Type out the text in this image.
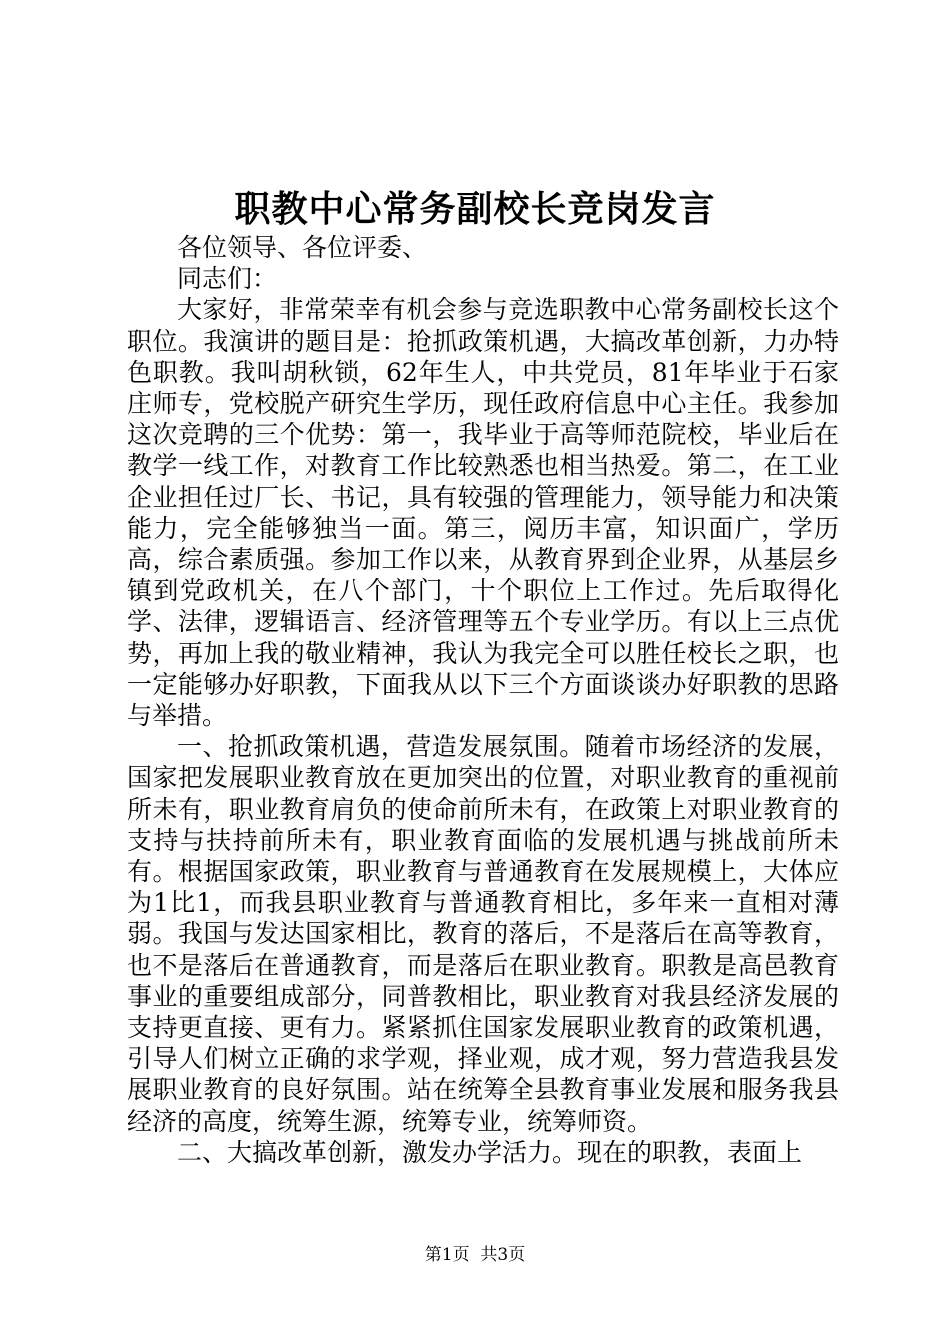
职教中心常务副校长竞岗发言

各位领导、各位评委、

同志们：

大家好，非常荣幸有机会参与竞选职教中心常务副校长这个职位。我演讲的题目是：抢抓政策机遇，大搞改革创新，力办特色职教。我叫胡秋锁，62年生人，中共党员，81年毕业于石家庄师专，党校脱产研究生学历，现任政府信息中心主任。我参加这次竞聘的三个优势：第一，我毕业于高等师范院校，毕业后在教学一线工作，对教育工作比较熟悉也相当热爱。第二，在工业企业担任过厂长、书记，具有较强的管理能力，领导能力和决策能力，完全能够独当一面。第三，阅历丰富，知识面广，学历高，综合素质强。参加工作以来，从教育界到企业界，从基层乡镇到党政机关，在八个部门，十个职位上工作过。先后取得化学、法律，逻辑语言、经济管理等五个专业学历。有以上三点优势，再加上我的敬业精神，我认为我完全可以胜任校长之职，也一定能够办好职教，下面我从以下三个方面谈谈办好职教的思路与举措。

一、抢抓政策机遇，营造发展氛围。随着市场经济的发展，国家把发展职业教育放在更加突出的位置，对职业教育的重视前所未有，职业教育肩负的使命前所未有，在政策上对职业教育的支持与扶持前所未有，职业教育面临的发展机遇与挑战前所未有。根据国家政策，职业教育与普通教育在发展规模上，大体应为1比1，而我县职业教育与普通教育相比，多年来一直相对薄弱。我国与发达国家相比，教育的落后，不是落后在高等教育，也不是落后在普通教育，而是落后在职业教育。职教是高邑教育事业的重要组成部分，同普教相比，职业教育对我县经济发展的支持更直接、更有力。紧紧抓住国家发展职业教育的政策机遇，引导人们树立正确的求学观，择业观，成才观，努力营造我县发展职业教育的良好氛围。站在统筹全县教育事业发展和服务我县经济的高度，统筹生源，统筹专业，统筹师资。

二、大搞改革创新，激发办学活力。现在的职教，表面上

第1页  共3页
